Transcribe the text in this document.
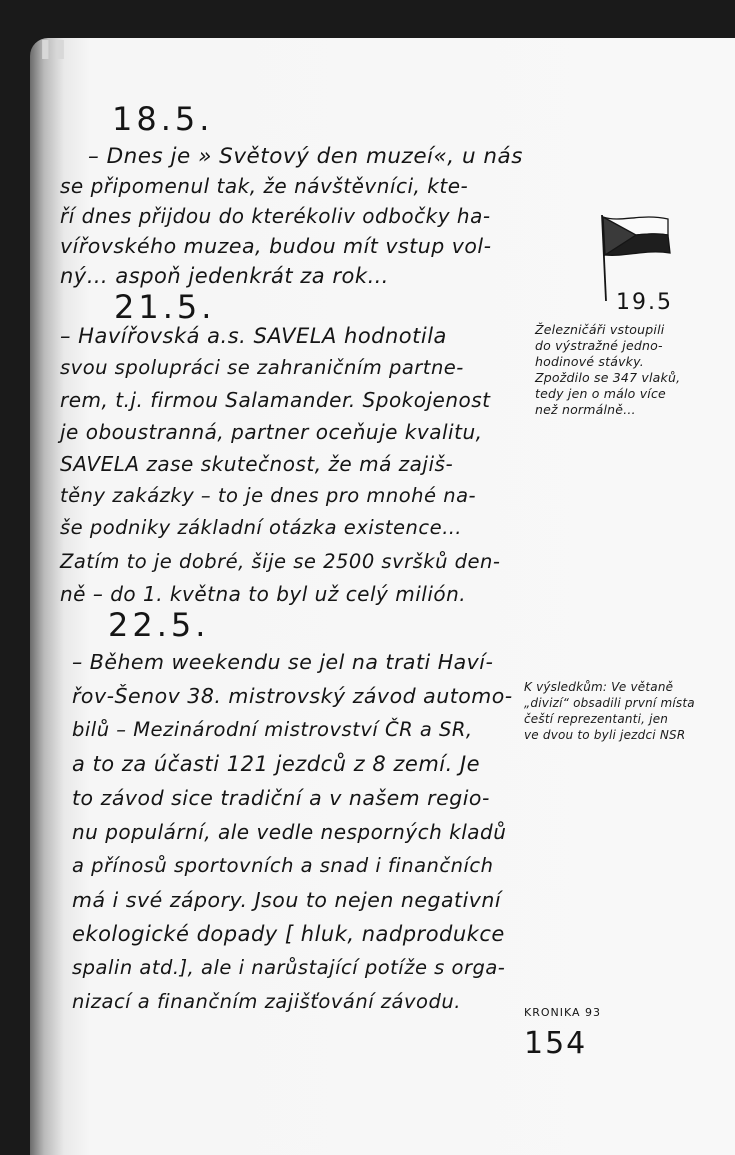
▐ ▌
18.5.
– Dnes je » Světový den muzeí«, u nás
se připomenul tak, že návštěvníci, kte-
ří dnes přijdou do kterékoliv odbočky ha-
vířovského muzea, budou mít vstup vol-
ný… aspoň jedenkrát za rok…
21.5.
– Havířovská a.s. SAVELA hodnotila
svou spolupráci se zahraničním partne-
rem, t.j. firmou Salamander. Spokojenost
je oboustranná, partner oceňuje kvalitu,
SAVELA zase skutečnost, že má zajiš-
těny zakázky – to je dnes pro mnohé na-
še podniky základní otázka existence…
Zatím to je dobré, šije se 2500 svršků den-
ně – do 1. května to byl už celý milión.
22.5.
– Během weekendu se jel na trati Haví-
řov-Šenov 38. mistrovský závod automo-
bilů – Mezinárodní mistrovství ČR a SR,
a to za účasti 121 jezdců z 8 zemí. Je
to závod sice tradiční a v našem regio-
nu populární, ale vedle nesporných kladů
a přínosů sportovních a snad i finančních
má i své zápory. Jsou to nejen negativní
ekologické dopady [ hluk, nadprodukce
spalin atd.], ale i narůstající potíže s orga-
nizací a finančním zajišťování závodu.
19.5
Železničáři vstoupili
do výstražné jedno-
hodinové stávky.
Zpoždilo se 347 vlaků,
tedy jen o málo více
než normálně…
K výsledkům: Ve větaně
„divizí“ obsadili první místa
čeští reprezentanti, jen
ve dvou to byli jezdci NSR
KRONIKA 93
154
